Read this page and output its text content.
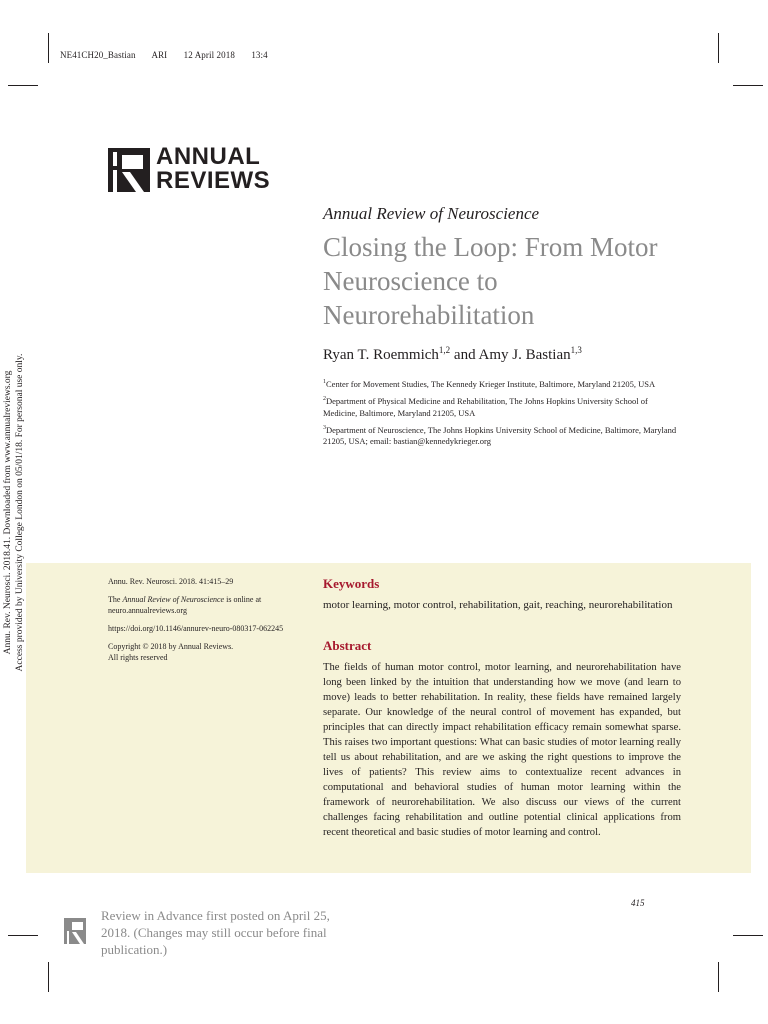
NE41CH20_Bastian ARI 12 April 2018 13:4
ANNUAL
REVIEWS
Annual Review of Neuroscience
Closing the Loop: From Motor Neuroscience to Neurorehabilitation
Ryan T. Roemmich$^{1,2}$ and Amy J. Bastian$^{1,3}$

$^1$Center for Movement Studies, The Kennedy Krieger Institute, Baltimore, Maryland 21205, USA

$^2$Department of Physical Medicine and Rehabilitation, The Johns Hopkins University School of Medicine, Baltimore, Maryland 21205, USA

$^3$Department of Neuroscience, The Johns Hopkins University School of Medicine, Baltimore, Maryland 21205, USA; email: bastian@kennedykrieger.org

Annu. Rev. Neurosci. 2018.41. Downloaded from www.annualreviews.org Access provided by University College London on 05/01/18. For personal use only.	Annu. Rev. Neurosci. 2018. 41:415–29

The Annual Review of Neuroscience is online at neuro.annualreviews.org

https://doi.org/10.1146/annurev-neuro-080317-062245

Copyright © 2018 by Annual Reviews.
All rights reserved

Keywords
motor learning, motor control, rehabilitation, gait, reaching, neurorehabilitation
Abstract
The fields of human motor control, motor learning, and neurorehabilitation have long been linked by the intuition that understanding how we move (and learn to move) leads to better rehabilitation. In reality, these fields have remained largely separate. Our knowledge of the neural control of movement has expanded, but principles that can directly impact rehabilitation efficacy remain somewhat sparse. This raises two important questions: What can basic studies of motor learning really tell us about rehabilitation, and are we asking the right questions to improve the lives of patients? This review aims to contextualize recent advances in computational and behavioral studies of human motor learning within the framework of neurorehabilitation. We also discuss our views of the current challenges facing rehabilitation and outline potential clinical applications from recent theoretical and basic studies of motor learning and control.
415
Review in Advance first posted on April 25, 2018. (Changes may still occur before final publication.)
